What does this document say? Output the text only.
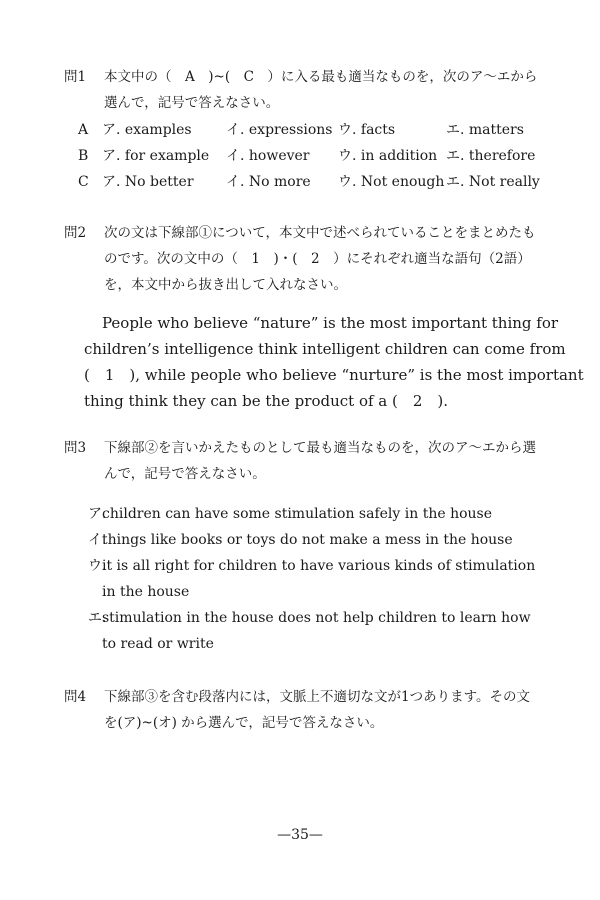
問1	本文中の（　A　)~(　C　）に入る最も適当なものを，次のア～エから選んで，記号で答えなさい。
A ア. examples イ. expressions ウ. facts	エ. matters
B ア. for example イ. however ウ. in addition エ. therefore
C ア. No better イ. No more ウ. Not enough エ. Not really
問2	次の文は下線部①について，本文中で述べられていることをまとめたものです。次の文中の（　1　)・(　2　）にそれぞれ適当な語句（2語）を，本文中から抜き出して入れなさい。
People who believe “nature” is the most important thing for
children’s intelligence think intelligent children can come from
(　1　), while people who believe “nurture” is the most important
thing think they can be the product of a (　2　).
問3	下線部②を言いかえたものとして最も適当なものを，次のア～エから選んで，記号で答えなさい。
ア.
children can have some stimulation safely in the house
イ.
things like books or toys do not make a mess in the house
ウ.
it is all right for children to have various kinds of stimulation in the house
エ.
stimulation in the house does not help children to learn how to read or write
問4	下線部③を含む段落内には，文脈上不適切な文が1つあります。その文を(ア)~(オ) から選んで，記号で答えなさい。
—35—
